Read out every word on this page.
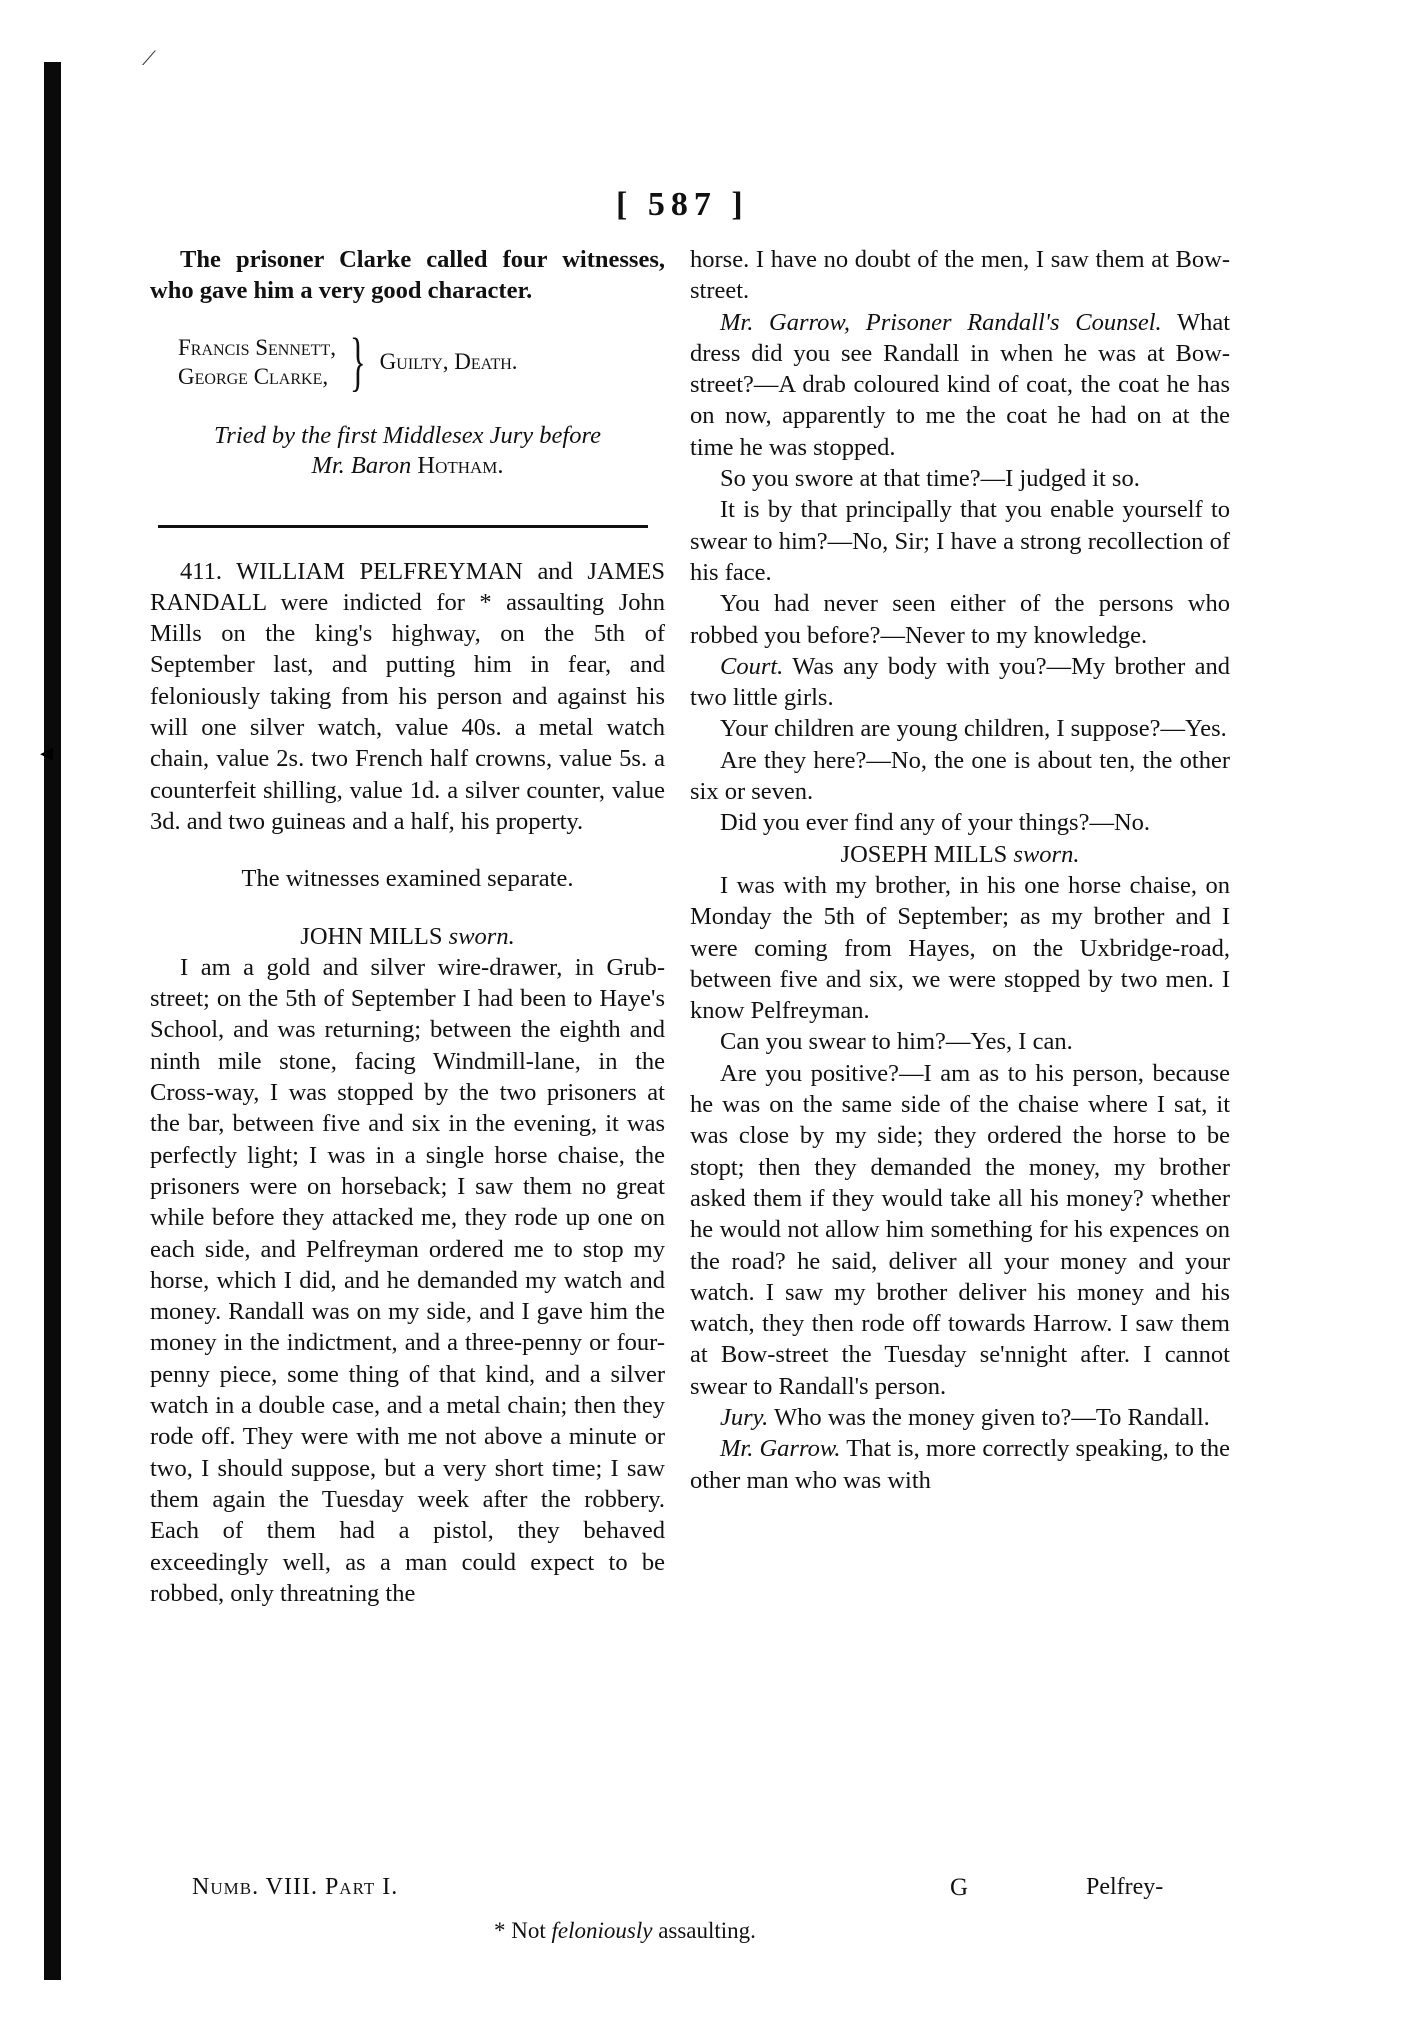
⟋
◂
[ 587 ]

The prisoner Clarke called four witnesses, who gave him a very good character.

Francis Sennett,
George Clarke, } Guilty, Death.
Tried by the first Middlesex Jury before
Mr. Baron Hotham.

411. WILLIAM PELFREYMAN and JAMES RANDALL were indicted for * assaulting John Mills on the king's highway, on the 5th of September last, and putting him in fear, and feloniously taking from his person and against his will one silver watch, value 40s. a metal watch chain, value 2s. two French half crowns, value 5s. a counterfeit shilling, value 1d. a silver counter, value 3d. and two guineas and a half, his property.

The witnesses examined separate.

JOHN MILLS sworn.

I am a gold and silver wire-drawer, in Grub-street; on the 5th of September I had been to Haye's School, and was returning; between the eighth and ninth mile stone, facing Windmill-lane, in the Cross-way, I was stopped by the two prisoners at the bar, between five and six in the evening, it was perfectly light; I was in a single horse chaise, the prisoners were on horseback; I saw them no great while before they attacked me, they rode up one on each side, and Pelfreyman ordered me to stop my horse, which I did, and he demanded my watch and money. Randall was on my side, and I gave him the money in the indictment, and a three-penny or four-penny piece, some thing of that kind, and a silver watch in a double case, and a metal chain; then they rode off. They were with me not above a minute or two, I should suppose, but a very short time; I saw them again the Tuesday week after the robbery. Each of them had a pistol, they behaved exceedingly well, as a man could expect to be robbed, only threatning the

horse. I have no doubt of the men, I saw them at Bow-street.

Mr. Garrow, Prisoner Randall's Counsel. What dress did you see Randall in when he was at Bow-street?—A drab coloured kind of coat, the coat he has on now, apparently to me the coat he had on at the time he was stopped.

So you swore at that time?—I judged it so.

It is by that principally that you enable yourself to swear to him?—No, Sir; I have a strong recollection of his face.

You had never seen either of the persons who robbed you before?—Never to my knowledge.

Court. Was any body with you?—My brother and two little girls.

Your children are young children, I suppose?—Yes.

Are they here?—No, the one is about ten, the other six or seven.

Did you ever find any of your things?—No.

JOSEPH MILLS sworn.

I was with my brother, in his one horse chaise, on Monday the 5th of September; as my brother and I were coming from Hayes, on the Uxbridge-road, between five and six, we were stopped by two men. I know Pelfreyman.

Can you swear to him?—Yes, I can.

Are you positive?—I am as to his person, because he was on the same side of the chaise where I sat, it was close by my side; they ordered the horse to be stopt; then they demanded the money, my brother asked them if they would take all his money? whether he would not allow him something for his expences on the road? he said, deliver all your money and your watch. I saw my brother deliver his money and his watch, they then rode off towards Harrow. I saw them at Bow-street the Tuesday se'nnight after. I cannot swear to Randall's person.

Jury. Who was the money given to?—To Randall.

Mr. Garrow. That is, more correctly speaking, to the other man who was with

Numb. VIII. Part I.	G	Pelfrey-
* Not feloniously assaulting.
